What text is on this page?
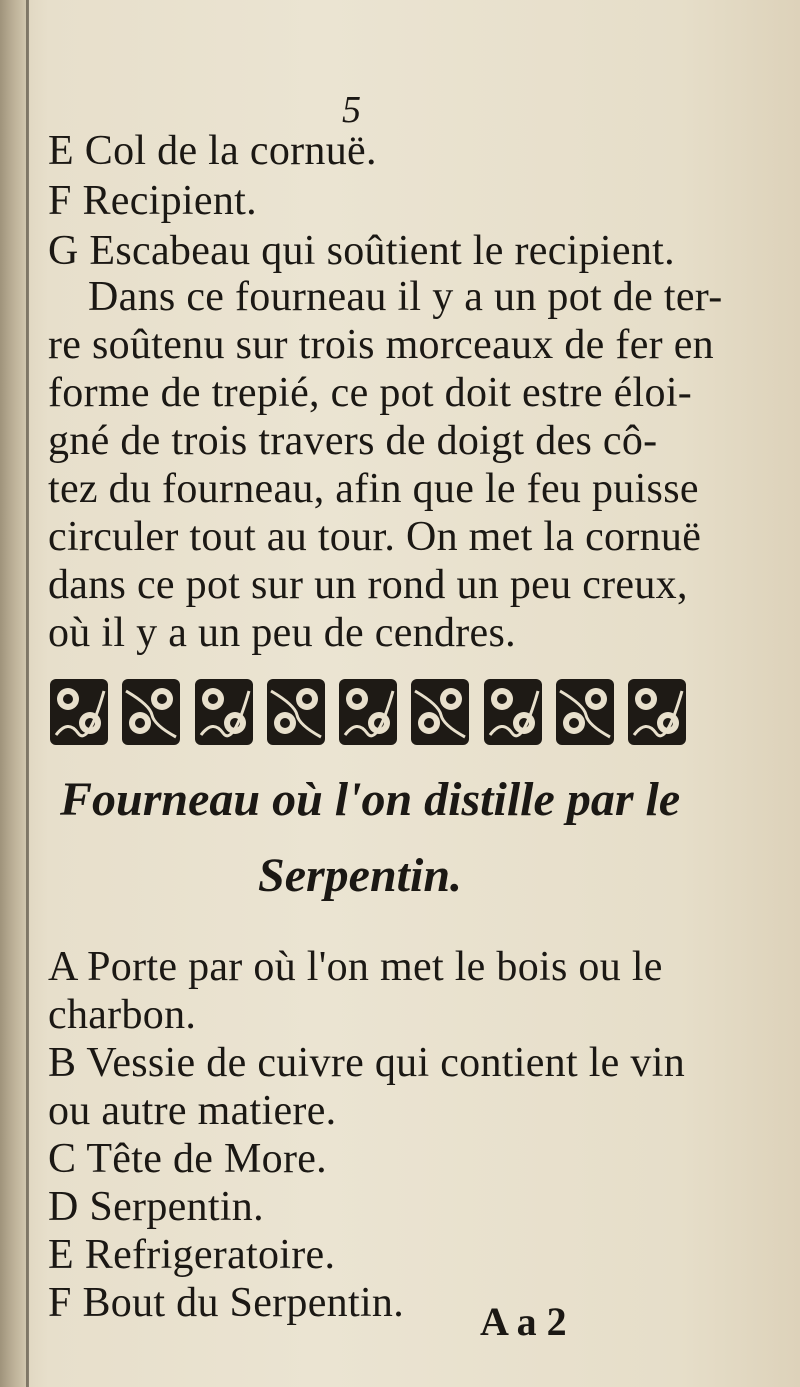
5
E Col de la cornuë.
F Recipient.
G Escabeau qui soûtient le recipient.
Dans ce fourneau il y a un pot de ter-
re soûtenu sur trois morceaux de fer en
forme de trepié, ce pot doit estre éloi-
gné de trois travers de doigt des cô-
tez du fourneau, afin que le feu puisse
circuler tout au tour. On met la cornuë
dans ce pot sur un rond un peu creux,
où il y a un peu de cendres.
Fourneau où l'on distille par le
Serpentin.
A Porte par où l'on met le bois ou le
charbon.
B Vessie de cuivre qui contient le vin
ou autre matiere.
C Tête de More.
D Serpentin.
E Refrigeratoire.
F Bout du Serpentin. A a 2
